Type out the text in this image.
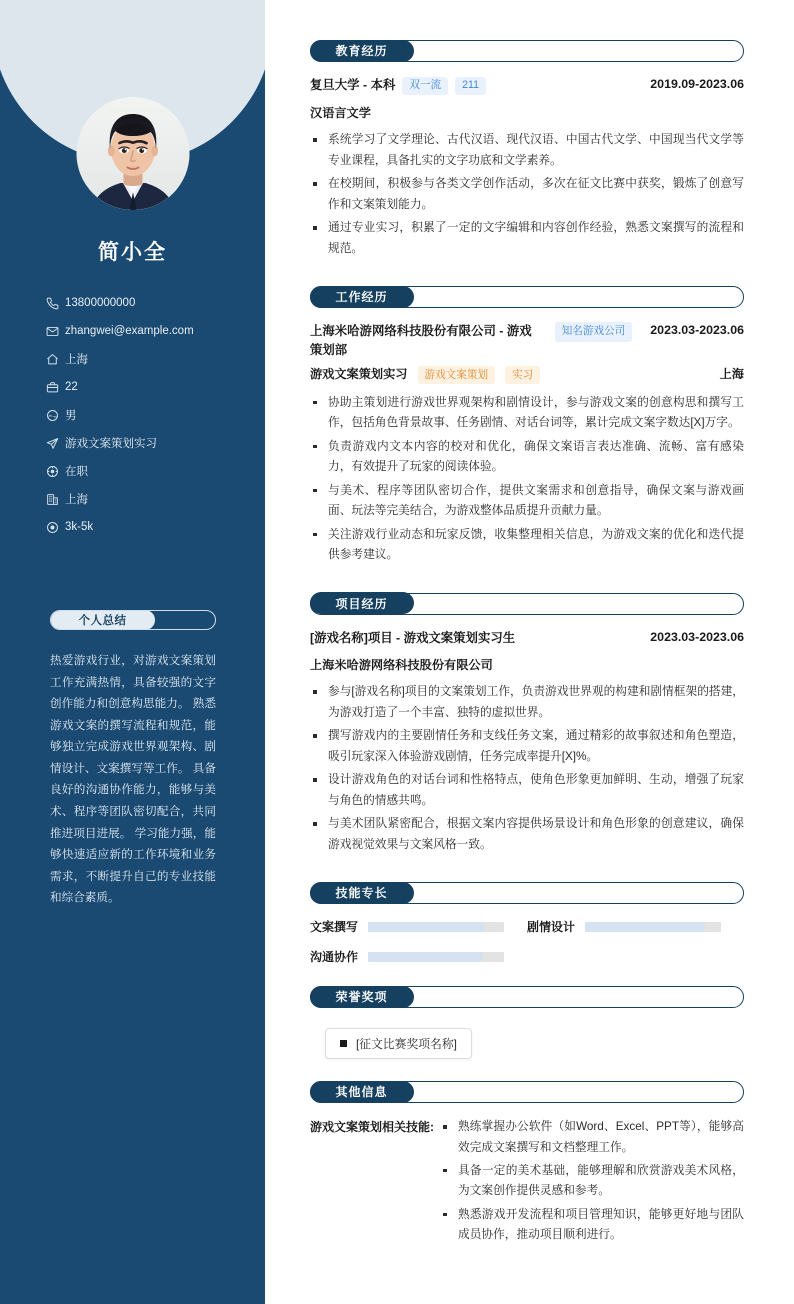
简小全
13800000000
zhangwei@example.com
上海
22
男
游戏文案策划实习
在职
上海
3k-5k
个人总结
热爱游戏行业，对游戏文案策划工作充满热情，具备较强的文字创作能力和创意构思能力。 熟悉游戏文案的撰写流程和规范，能够独立完成游戏世界观架构、剧情设计、文案撰写等工作。 具备良好的沟通协作能力，能够与美术、程序等团队密切配合，共同推进项目进展。 学习能力强，能够快速适应新的工作环境和业务需求，不断提升自己的专业技能和综合素质。
教育经历
复旦大学 - 本科 双一流 211	2019.09-2023.06
汉语言文学
系统学习了文学理论、古代汉语、现代汉语、中国古代文学、中国现当代文学等专业课程，具备扎实的文字功底和文学素养。
在校期间，积极参与各类文学创作活动，多次在征文比赛中获奖，锻炼了创意写作和文案策划能力。
通过专业实习，积累了一定的文字编辑和内容创作经验，熟悉文案撰写的流程和规范。
工作经历
上海米哈游网络科技股份有限公司 - 游戏策划部
知名游戏公司	2023.03-2023.06
游戏文案策划实习	游戏文案策划	实习	上海
协助主策划进行游戏世界观架构和剧情设计，参与游戏文案的创意构思和撰写工作，包括角色背景故事、任务剧情、对话台词等，累计完成文案字数达[X]万字。
负责游戏内文本内容的校对和优化，确保文案语言表达准确、流畅、富有感染力，有效提升了玩家的阅读体验。
与美术、程序等团队密切合作，提供文案需求和创意指导，确保文案与游戏画面、玩法等完美结合，为游戏整体品质提升贡献力量。
关注游戏行业动态和玩家反馈，收集整理相关信息，为游戏文案的优化和迭代提供参考建议。
项目经历
[游戏名称]项目 - 游戏文案策划实习生	2023.03-2023.06
上海米哈游网络科技股份有限公司
参与[游戏名称]项目的文案策划工作，负责游戏世界观的构建和剧情框架的搭建，为游戏打造了一个丰富、独特的虚拟世界。
撰写游戏内的主要剧情任务和支线任务文案，通过精彩的故事叙述和角色塑造，吸引玩家深入体验游戏剧情，任务完成率提升[X]%。
设计游戏角色的对话台词和性格特点，使角色形象更加鲜明、生动，增强了玩家与角色的情感共鸣。
与美术团队紧密配合，根据文案内容提供场景设计和角色形象的创意建议，确保游戏视觉效果与文案风格一致。
技能专长
文案撰写	剧情设计
沟通协作
荣誉奖项
[征文比赛奖项名称]
其他信息
游戏文案策划相关技能:	熟练掌握办公软件（如Word、Excel、PPT等），能够高效完成文案撰写和文档整理工作。
具备一定的美术基础，能够理解和欣赏游戏美术风格，为文案创作提供灵感和参考。
熟悉游戏开发流程和项目管理知识，能够更好地与团队成员协作，推动项目顺利进行。
